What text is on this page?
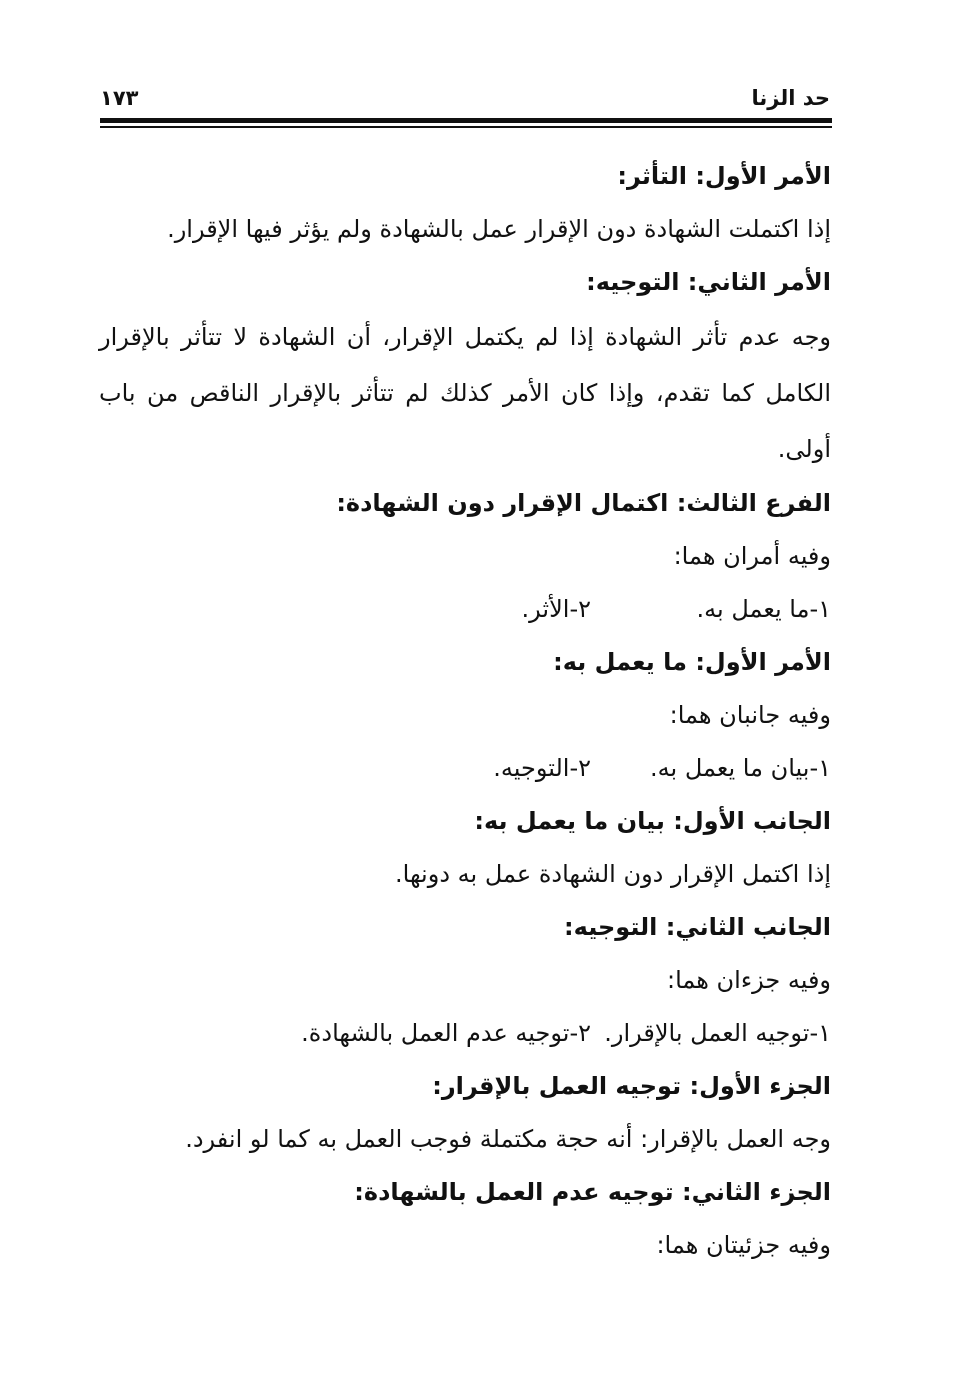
حد الزنا
١٧٣
الأمر الأول: التأثر:
إذا اكتملت الشهادة دون الإقرار عمل بالشهادة ولم يؤثر فيها الإقرار.
الأمر الثاني: التوجيه:
وجه عدم تأثر الشهادة إذا لم يكتمل الإقرار، أن الشهادة لا تتأثر بالإقرار
الكامل كما تقدم، وإذا كان الأمر كذلك لم تتأثر بالإقرار الناقص من باب
أولى.
الفرع الثالث: اكتمال الإقرار دون الشهادة:
وفيه أمران هما:
١-ما يعمل به.
٢-الأثر.
الأمر الأول: ما يعمل به:
وفيه جانبان هما:
١-بيان ما يعمل به.
٢-التوجيه.
الجانب الأول: بيان ما يعمل به:
إذا اكتمل الإقرار دون الشهادة عمل به دونها.
الجانب الثاني: التوجيه:
وفيه جزءان هما:
١-توجيه العمل بالإقرار.
٢-توجيه عدم العمل بالشهادة.
الجزء الأول: توجيه العمل بالإقرار:
وجه العمل بالإقرار: أنه حجة مكتملة فوجب العمل به كما لو انفرد.
الجزء الثاني: توجيه عدم العمل بالشهادة:
وفيه جزئيتان هما:
